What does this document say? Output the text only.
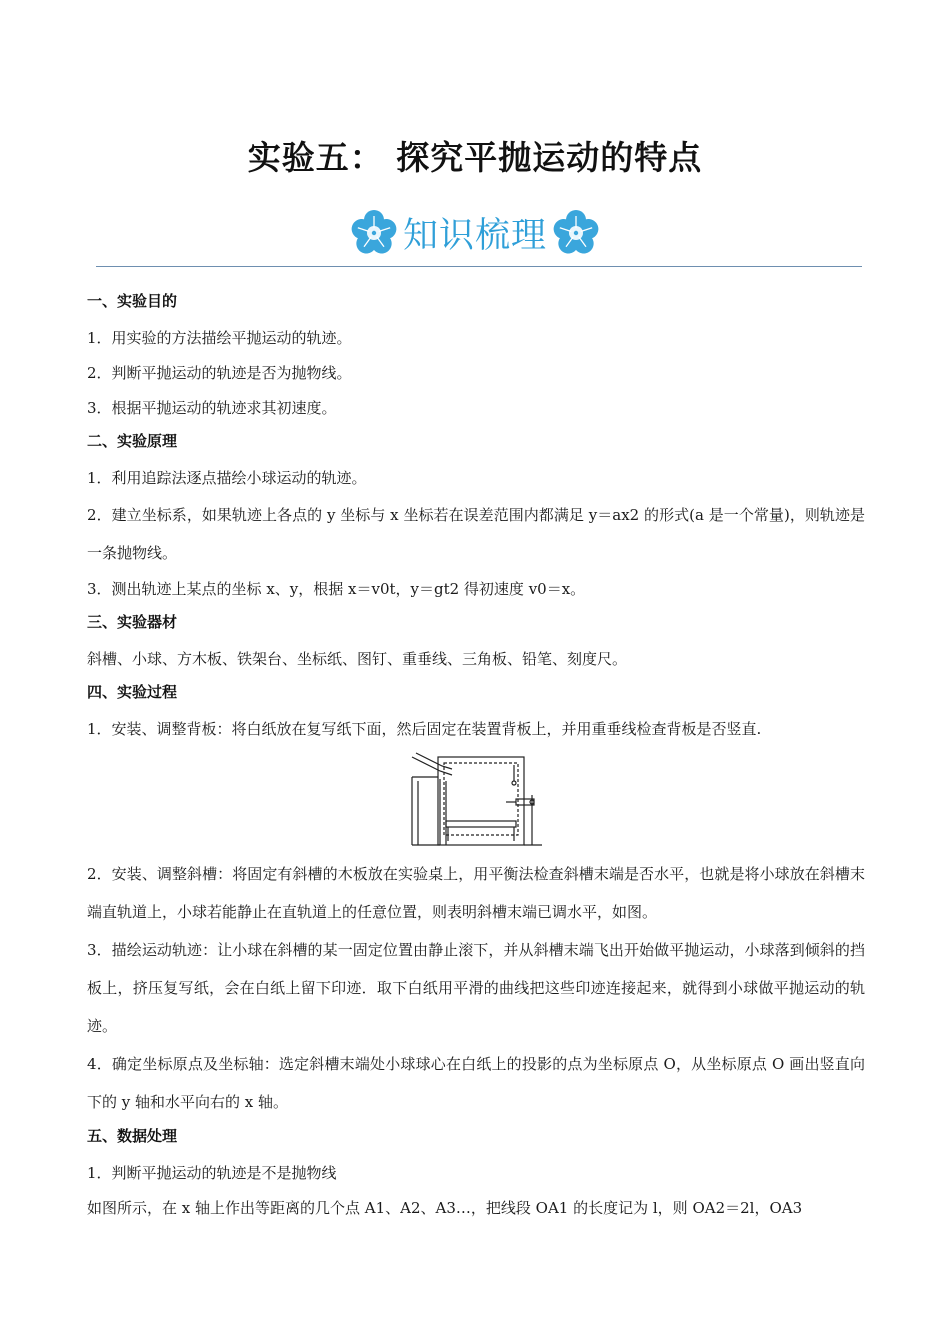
实验五： 探究平抛运动的特点
知识梳理
一、实验目的
1．用实验的方法描绘平抛运动的轨迹。
2．判断平抛运动的轨迹是否为抛物线。
3．根据平抛运动的轨迹求其初速度。
二、实验原理
1．利用追踪法逐点描绘小球运动的轨迹。
2．建立坐标系，如果轨迹上各点的 y 坐标与 x 坐标若在误差范围内都满足 y＝ax2 的形式(a 是一个常量)，则轨迹是一条抛物线。
3．测出轨迹上某点的坐标 x、y，根据 x＝v0t，y＝gt2 得初速度 v0＝x。
三、实验器材
斜槽、小球、方木板、铁架台、坐标纸、图钉、重垂线、三角板、铅笔、刻度尺。
四、实验过程
1．安装、调整背板：将白纸放在复写纸下面，然后固定在装置背板上，并用重垂线检查背板是否竖直.
2．安装、调整斜槽：将固定有斜槽的木板放在实验桌上，用平衡法检查斜槽末端是否水平，也就是将小球放在斜槽末端直轨道上，小球若能静止在直轨道上的任意位置，则表明斜槽末端已调水平，如图。
3．描绘运动轨迹：让小球在斜槽的某一固定位置由静止滚下，并从斜槽末端飞出开始做平抛运动，小球落到倾斜的挡板上，挤压复写纸，会在白纸上留下印迹．取下白纸用平滑的曲线把这些印迹连接起来，就得到小球做平抛运动的轨迹。
4．确定坐标原点及坐标轴：选定斜槽末端处小球球心在白纸上的投影的点为坐标原点 O，从坐标原点 O 画出竖直向下的 y 轴和水平向右的 x 轴。
五、数据处理
1．判断平抛运动的轨迹是不是抛物线
如图所示，在 x 轴上作出等距离的几个点 A1、A2、A3…，把线段 OA1 的长度记为 l，则 OA2＝2l，OA3
